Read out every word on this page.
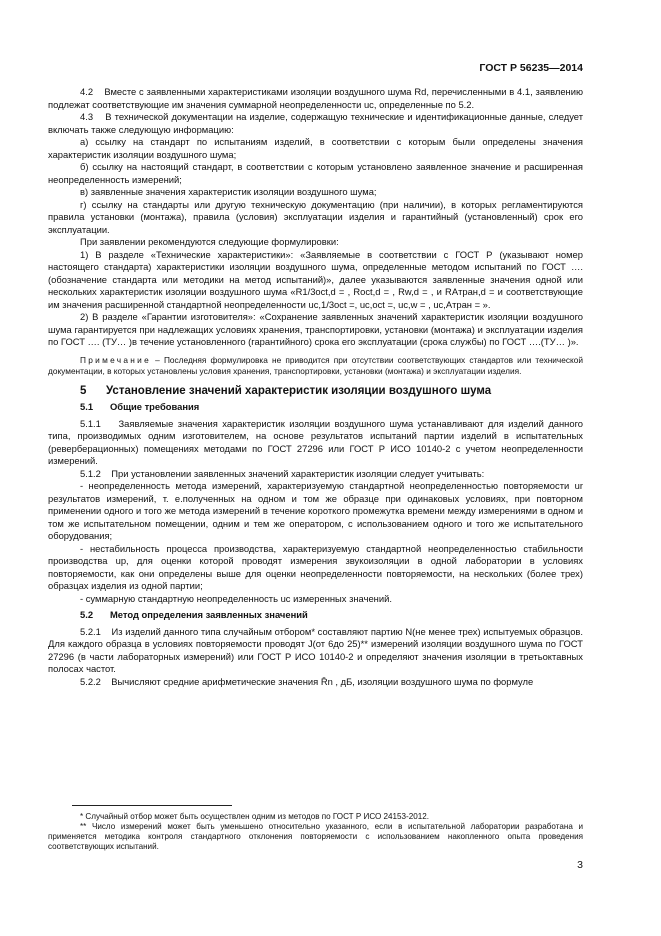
ГОСТ Р 56235—2014

4.2    Вместе с заявленными характеристиками изоляции воздушного шума Rd, перечисленными в 4.1, заявлению подлежат соответствующие им значения суммарной неопределенности uc, определенные по 5.2.

4.3    В технической документации на изделие, содержащую технические и идентификационные данные, следует включать также следующую информацию:

а) ссылку на стандарт по испытаниям изделий, в соответствии с которым были определены значения характеристик изоляции воздушного шума;

б) ссылку на настоящий стандарт, в соответствии с которым установлено заявленное значение и расширенная неопределенность измерений;

в) заявленные значения характеристик изоляции воздушного шума;

г) ссылку на стандарты или другую техническую документацию (при наличии), в которых регламентируются правила установки (монтажа), правила (условия) эксплуатации изделия и гарантийный (установленный) срок его эксплуатации.

При заявлении рекомендуются следующие формулировки:

1) В разделе «Технические характеристики»: «Заявляемые в соответствии с ГОСТ Р (указывают номер настоящего стандарта) характеристики изоляции воздушного шума, определенные методом испытаний по ГОСТ …. (обозначение стандарта или методики на метод испытаний)», далее указываются заявленные значения одной или нескольких характеристик изоляции воздушного шума «R1/3oct,d = , Roct,d = , Rw,d = , и RAтран,d = и соответствующие им значения расширенной стандартной неопределенности uc,1/3oct =, uc,oct =, uc,w = , uc,Aтран = ».

2) В разделе «Гарантии изготовителя»: «Сохранение заявленных значений характеристик изоляции воздушного шума гарантируется при надлежащих условиях хранения, транспортировки, установки (монтажа) и эксплуатации изделия по ГОСТ …. (ТУ… )в течение установленного (гарантийного) срока его эксплуатации (срока службы) по ГОСТ ….(ТУ… )».

Примечание – Последняя формулировка не приводится при отсутствии соответствующих стандартов или технической документации, в которых установлены условия хранения, транспортировки, установки (монтажа) и эксплуатации изделия.

5 Установление значений характеристик изоляции воздушного шума
5.1 Общие требования

5.1.1    Заявляемые значения характеристик изоляции воздушного шума устанавливают для изделий данного типа, производимых одним изготовителем, на основе результатов испытаний партии изделий в испытательных (реверберационных) помещениях методами по ГОСТ 27296 или ГОСТ Р ИСО 10140-2 с учетом неопределенности измерений.

5.1.2    При установлении заявленных значений характеристик изоляции следует учитывать:

- неопределенность метода измерений, характеризуемую стандартной неопределенностью повторяемости ur результатов измерений, т. е.полученных на одном и том же образце при одинаковых условиях, при повторном применении одного и того же метода измерений в течение короткого промежутка времени между измерениями в одном и том же испытательном помещении, одним и тем же оператором, с использованием одного и того же испытательного оборудования;

- нестабильность процесса производства, характеризуемую стандартной неопределенностью стабильности производства up, для оценки которой проводят измерения звукоизоляции в одной лаборатории в условиях повторяемости, как они определены выше для оценки неопределенности повторяемости, на нескольких (более трех) образцах изделия из одной партии;

- суммарную стандартную неопределенность uc измеренных значений.

5.2 Метод определения заявленных значений

5.2.1    Из изделий данного типа случайным отбором* составляют партию N(не менее трех) испытуемых образцов. Для каждого образца в условиях повторяемости проводят J(от 6до 25)** измерений изоляции воздушного шума по ГОСТ 27296 (в части лабораторных измерений) или ГОСТ Р ИСО 10140-2 и определяют значения изоляции в третьоктавных полосах частот.

5.2.2    Вычисляют средние арифметические значения R̄n , дБ, изоляции воздушного шума по формуле

* Случайный отбор может быть осуществлен одним из методов по ГОСТ Р ИСО 24153-2012.

** Число измерений может быть уменьшено относительно указанного, если в испытательной лаборатории разработана и применяется методика контроля стандартного отклонения повторяемости с использованием накопленного опыта проведения соответствующих испытаний.

3
